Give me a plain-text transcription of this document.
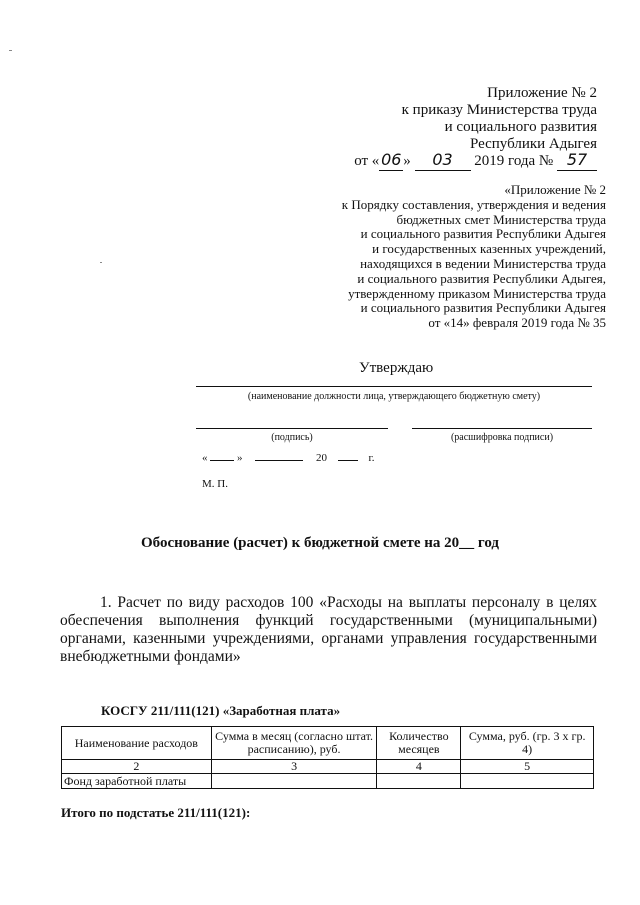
Приложение № 2
к приказу Министерства труда
и социального развития
Республики Адыгея
от « 06 » 03 2019 года № 57
«Приложение № 2
к Порядку составления, утверждения и ведения
бюджетных смет Министерства труда
и социального развития Республики Адыгея
и государственных казенных учреждений,
находящихся в ведении Министерства труда
и социального развития Республики Адыгея,
утвержденному приказом Министерства труда
и социального развития Республики Адыгея
от «14» февраля 2019 года № 35
Утверждаю
(наименование должности лица, утверждающего бюджетную смету)
(подпись)	(расшифровка подписи)
«	»	20	г.
М. П.
Обоснование (расчет) к бюджетной смете на 20__ год
1. Расчет по виду расходов 100 «Расходы на выплаты персоналу в целях обеспечения выполнения функций государственными (муниципальными) органами, казенными учреждениями, органами управления государственными внебюджетными фондами»
КОСГУ 211/111(121) «Заработная плата»
Наименование расходов	Сумма в месяц (согласно штат. расписанию), руб.	Количество месяцев	Сумма, руб. (гр. 3 х гр. 4)
2	3	4	5
Фонд заработной платы			
Итого по подстатье 211/111(121):
